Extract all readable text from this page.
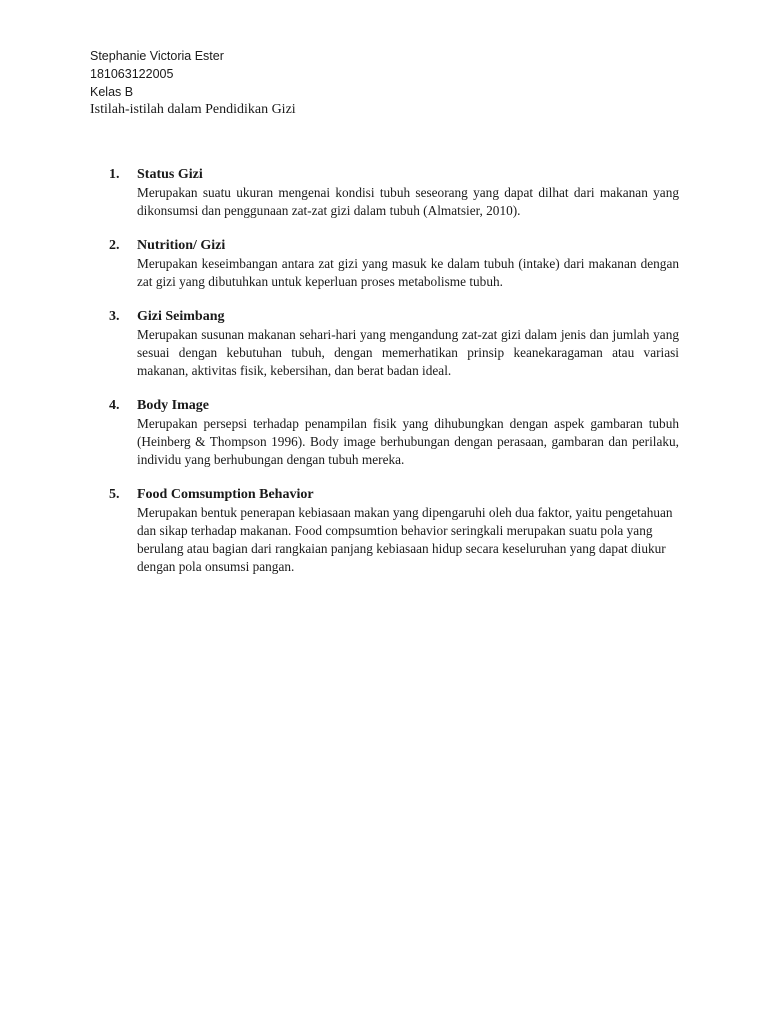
Stephanie Victoria Ester
181063122005
Kelas B
Istilah-istilah dalam Pendidikan Gizi
1. Status Gizi
Merupakan suatu ukuran mengenai kondisi tubuh seseorang yang dapat dilhat dari makanan yang dikonsumsi dan penggunaan zat-zat gizi dalam tubuh (Almatsier, 2010).
2. Nutrition/ Gizi
Merupakan keseimbangan antara zat gizi yang masuk ke dalam tubuh (intake) dari makanan dengan zat gizi yang dibutuhkan untuk keperluan proses metabolisme tubuh.
3. Gizi Seimbang
Merupakan susunan makanan sehari-hari yang mengandung zat-zat gizi dalam jenis dan jumlah yang sesuai dengan kebutuhan tubuh, dengan memerhatikan prinsip keanekaragaman atau variasi makanan, aktivitas fisik, kebersihan, dan berat badan ideal.
4. Body Image
Merupakan persepsi terhadap penampilan fisik yang dihubungkan dengan aspek gambaran tubuh (Heinberg & Thompson 1996). Body image berhubungan dengan perasaan, gambaran dan perilaku, individu yang berhubungan dengan tubuh mereka.
5. Food Comsumption Behavior
Merupakan bentuk penerapan kebiasaan makan yang dipengaruhi oleh dua faktor, yaitu pengetahuan dan sikap terhadap makanan. Food compsumtion behavior seringkali merupakan suatu pola yang berulang atau bagian dari rangkaian panjang kebiasaan hidup secara keseluruhan yang dapat diukur dengan pola onsumsi pangan.
